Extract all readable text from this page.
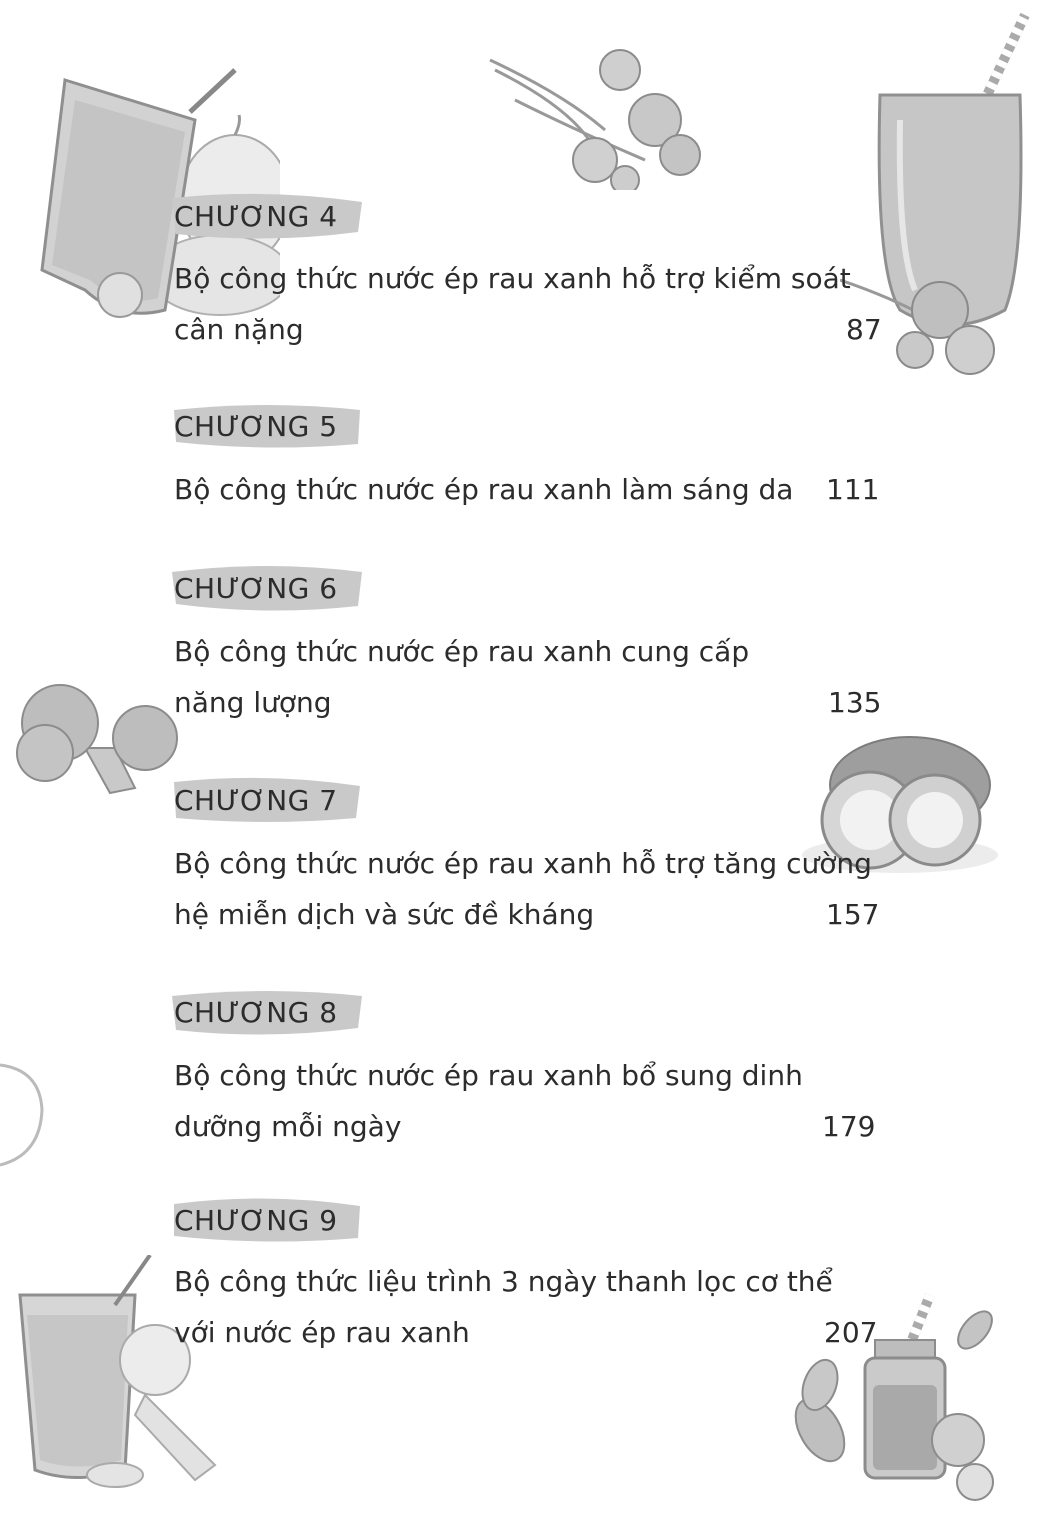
CHƯƠNG 4
Bộ công thức nước ép rau xanh hỗ trợ kiểm soát
cân nặng	87
CHƯƠNG 5
Bộ công thức nước ép rau xanh làm sáng da 111
CHƯƠNG 6
Bộ công thức nước ép rau xanh cung cấp
năng lượng	135
CHƯƠNG 7
Bộ công thức nước ép rau xanh hỗ trợ tăng cường
hệ miễn dịch và sức đề kháng	157
CHƯƠNG 8
Bộ công thức nước ép rau xanh bổ sung dinh
dưỡng mỗi ngày	179
CHƯƠNG 9
Bộ công thức liệu trình 3 ngày thanh lọc cơ thể
với nước ép rau xanh	207
